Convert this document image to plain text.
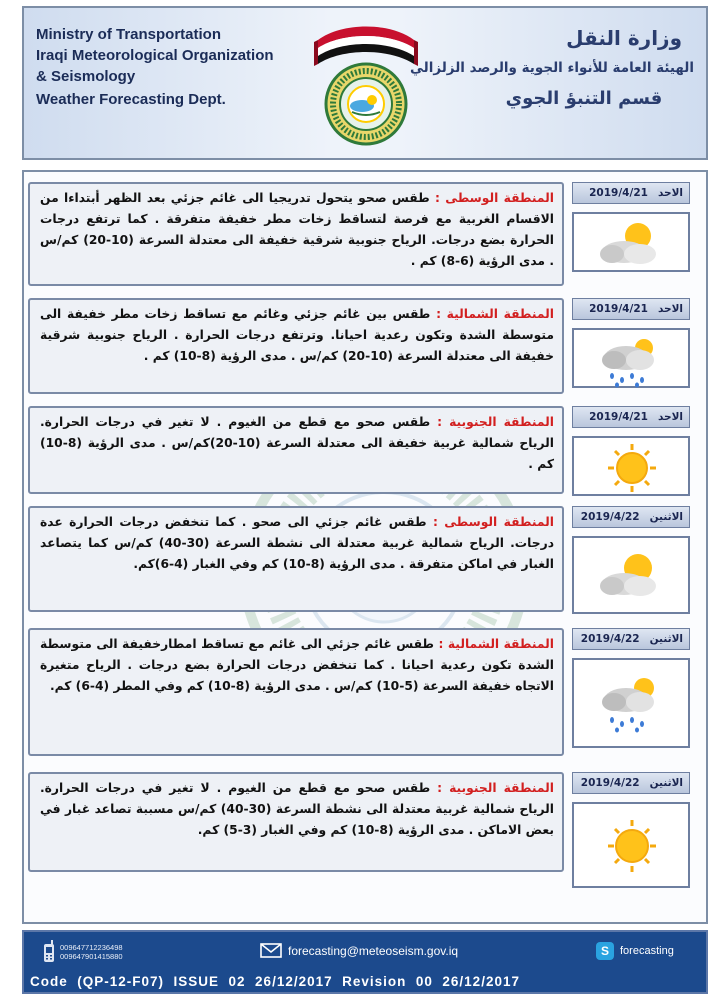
Ministry of Transportation
Iraqi Meteorological Organization
& Seismology
Weather Forecasting Dept.
وزارة النقل
الهيئة العامة للأنواء الجوية والرصد الزلزالي
قسم التنبؤ الجوي
المنطقة الوسطى : طقس صحو يتحول تدريجيا الى غائم جزئي بعد الظهر أبتداءا من الاقسام الغربية مع فرصة لتساقط زخات مطر خفيفة متفرقة . كما ترتفع درجات الحرارة بضع درجات. الرياح جنوبية شرقية خفيفة الى معتدلة السرعة (10-20) كم/س . مدى الرؤية (6-8) كم .
الاحد
2019/4/21
المنطقة الشمالية : طقس بين غائم جزئي وغائم مع تساقط زخات مطر خفيفة الى متوسطة الشدة وتكون رعدية احيانا. وترتفع درجات الحرارة . الرياح جنوبية شرقية خفيفة الى معتدلة السرعة (10-20) كم/س . مدى الرؤية (8-10) كم .
الاحد
2019/4/21
المنطقة الجنوبية : طقس صحو مع قطع من الغيوم . لا تغير في درجات الحرارة. الرياح شمالية غربية خفيفة الى معتدلة السرعة (10-20)كم/س . مدى الرؤية (8-10) كم .
الاحد
2019/4/21
المنطقة الوسطى : طقس غائم جزئي الى صحو . كما تنخفض درجات الحرارة عدة درجات. الرياح شمالية غربية معتدلة الى نشطة السرعة (30-40) كم/س كما يتصاعد الغبار في اماكن متفرقة . مدى الرؤية (8-10) كم وفي الغبار (4-6)كم.
الاثنين
2019/4/22
المنطقة الشمالية : طقس غائم جزئي الى غائم مع تساقط امطارخفيفة الى متوسطة الشدة تكون رعدية احيانا . كما تنخفض درجات الحرارة بضع درجات . الرياح متغيرة الاتجاه خفيفة السرعة (5-10) كم/س . مدى الرؤية (8-10) كم وفي المطر (4-6) كم.
الاثنين
2019/4/22
المنطقة الجنوبية : طقس صحو مع قطع من الغيوم . لا تغير في درجات الحرارة. الرياح شمالية غربية معتدلة الى نشطة السرعة (30-40) كم/س مسببة تصاعد غبار في بعض الاماكن . مدى الرؤية (8-10) كم وفي الغبار (3-5) كم.
الاثنين
2019/4/22
009647712236498
009647901415880	forecasting@meteoseism.gov.iq	S	forecasting
Code  (QP-12-F07)  ISSUE  02  26/12/2017  Revision  00  26/12/2017
